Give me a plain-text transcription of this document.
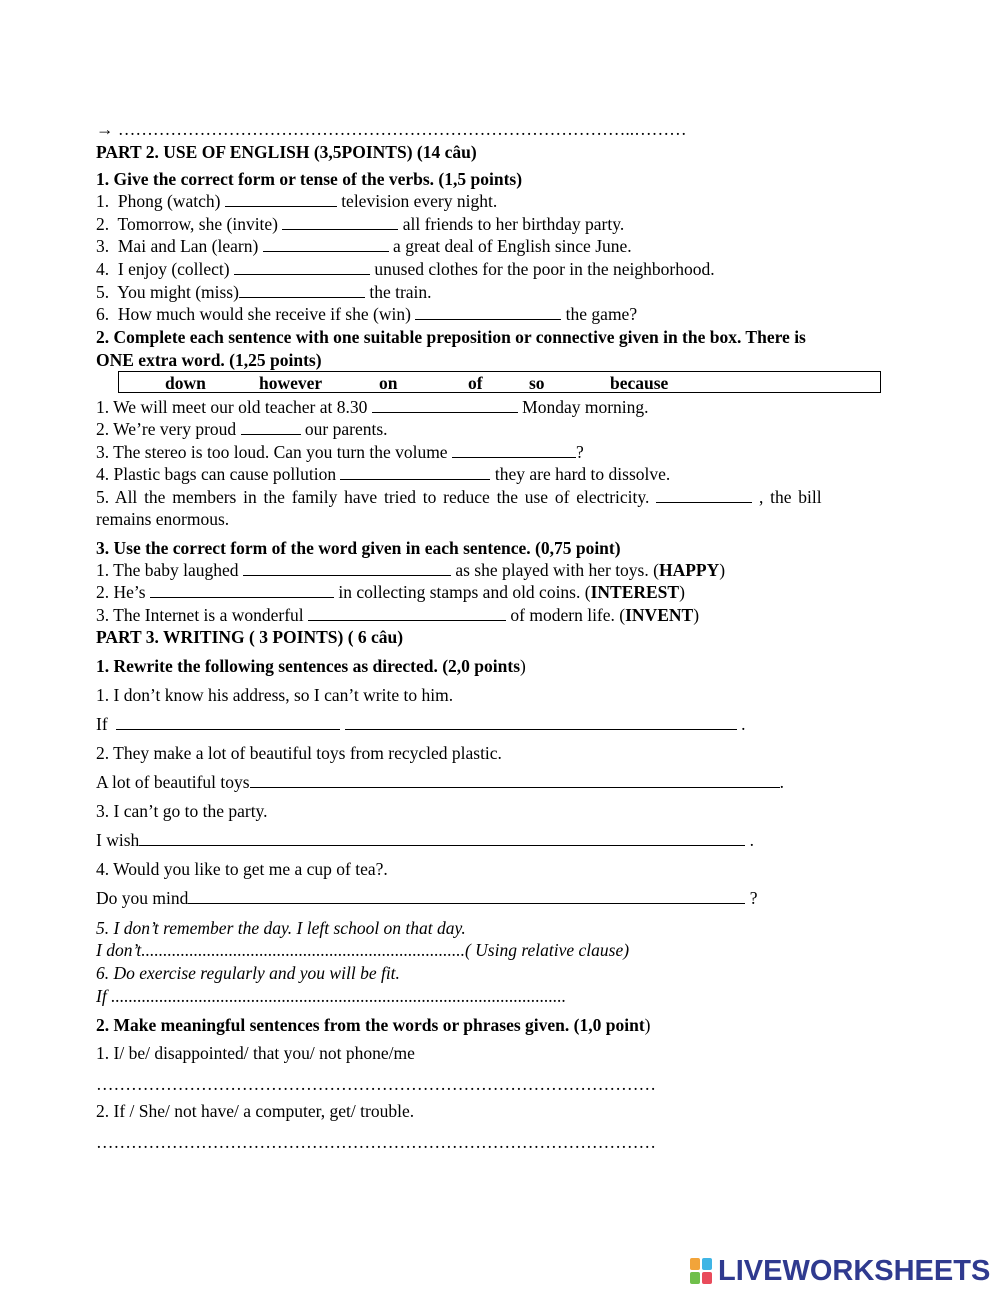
→ ……………………………………………………………………………..………
PART 2. USE OF ENGLISH (3,5POINTS) (14 câu)
1. Give the correct form or tense of the verbs. (1,5 points)
1.  Phong (watch)	television every night.
2.  Tomorrow, she (invite)	all friends to her birthday party.
3.  Mai and Lan (learn)	a great deal of English since June.
4.  I enjoy (collect)	unused clothes for the poor in the neighborhood.
5.  You might (miss)	the train.
6.  How much would she receive if she (win)	the game?
2. Complete each sentence with one suitable preposition or connective given in the box. There is
ONE extra word. (1,25 points)
down	however	on	of	so	because
1. We will meet our old teacher at 8.30	Monday morning.
2. We’re very proud	our parents.
3. The stereo is too loud. Can you turn the volume	?
4. Plastic bags can cause pollution	they are hard to dissolve.
5. All the members in the family have tried to reduce the use of electricity.	, the bill
remains enormous.
3. Use the correct form of the word given in each sentence. (0,75 point)
1. The baby laughed	as she played with her toys. (HAPPY)
2. He’s	in collecting stamps and old coins. (INTEREST)
3. The Internet is a wonderful	of modern life. (INVENT)
PART 3. WRITING ( 3 POINTS) ( 6 câu)
1. Rewrite the following sentences as directed. (2,0 points)
1. I don’t know his address, so I can’t write to him.
If	.
2. They make a lot of beautiful toys from recycled plastic.
A lot of beautiful toys	.
3. I can’t go to the party.
I wish	.
4. Would you like to get me a cup of tea?.
Do you mind	?
5. I don’t remember the day. I left school on that day.
I don’t..........................................................................( Using relative clause)
6. Do exercise regularly and you will be fit.
If ........................................................................................................
2. Make meaningful sentences from the words or phrases given. (1,0 point)
1. I/ be/ disappointed/ that you/ not phone/me
……………………………………………………………………………………
2. If / She/ not have/ a computer, get/ trouble.
……………………………………………………………………………………
LIVEWORKSHEETS
